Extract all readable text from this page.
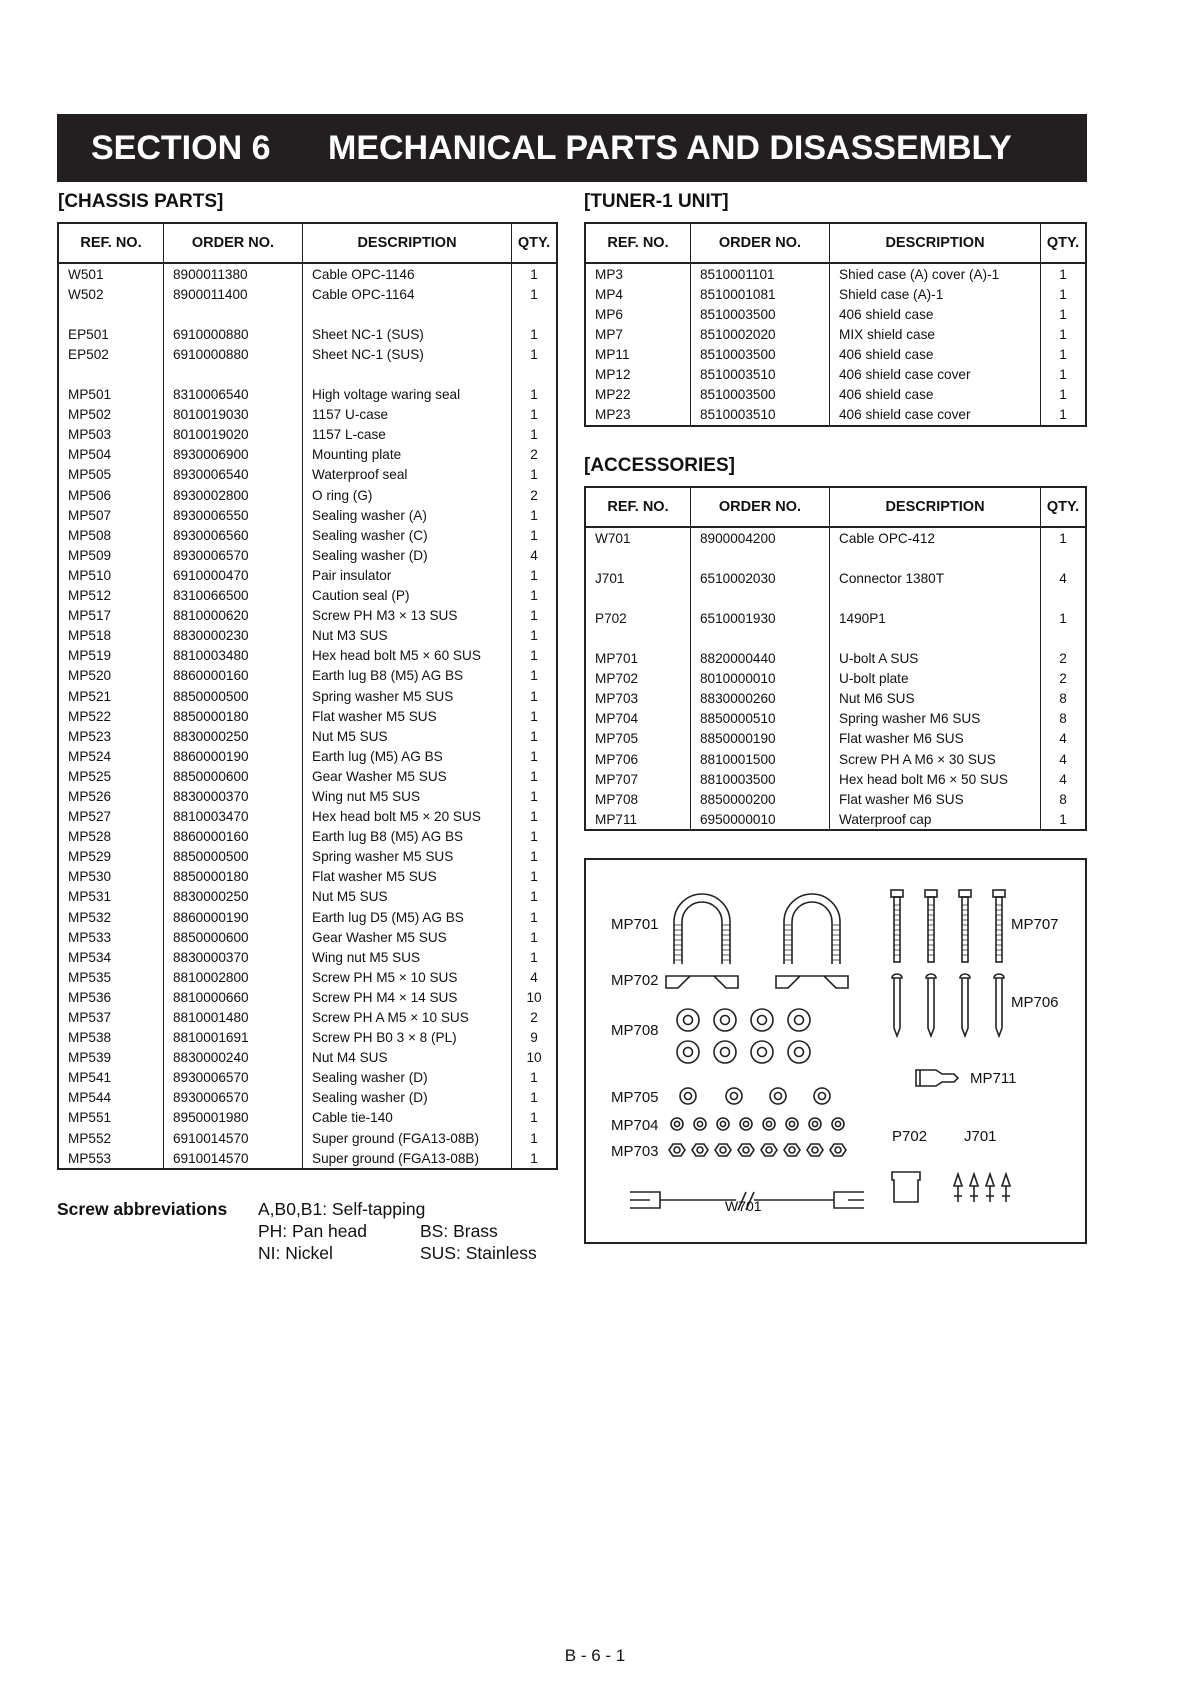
SECTION 6	MECHANICAL PARTS AND DISASSEMBLY
[CHASSIS PARTS]	[TUNER-1 UNIT]
[ACCESSORIES]
REF. NO.	ORDER NO.	DESCRIPTION	QTY.
W501	8900011380	Cable OPC-1146	1
W502	8900011400	Cable OPC-1164	1

EP501	6910000880	Sheet NC-1 (SUS)	1
EP502	6910000880	Sheet NC-1 (SUS)	1

MP501	8310006540	High voltage waring seal	1
MP502	8010019030	1157 U-case	1
MP503	8010019020	1157 L-case	1
MP504	8930006900	Mounting plate	2
MP505	8930006540	Waterproof seal	1
MP506	8930002800	O ring (G)	2
MP507	8930006550	Sealing washer (A)	1
MP508	8930006560	Sealing washer (C)	1
MP509	8930006570	Sealing washer (D)	4
MP510	6910000470	Pair insulator	1
MP512	8310066500	Caution seal (P)	1
MP517	8810000620	Screw PH M3 × 13 SUS	1
MP518	8830000230	Nut M3 SUS	1
MP519	8810003480	Hex head bolt M5 × 60 SUS	1
MP520	8860000160	Earth lug B8 (M5) AG BS	1
MP521	8850000500	Spring washer M5 SUS	1
MP522	8850000180	Flat washer M5 SUS	1
MP523	8830000250	Nut M5 SUS	1
MP524	8860000190	Earth lug (M5) AG BS	1
MP525	8850000600	Gear Washer M5 SUS	1
MP526	8830000370	Wing nut M5 SUS	1
MP527	8810003470	Hex head bolt M5 × 20 SUS	1
MP528	8860000160	Earth lug B8 (M5) AG BS	1
MP529	8850000500	Spring washer M5 SUS	1
MP530	8850000180	Flat washer M5 SUS	1
MP531	8830000250	Nut M5 SUS	1
MP532	8860000190	Earth lug D5 (M5) AG BS	1
MP533	8850000600	Gear Washer M5 SUS	1
MP534	8830000370	Wing nut M5 SUS	1
MP535	8810002800	Screw PH M5 × 10 SUS	4
MP536	8810000660	Screw PH M4 × 14 SUS	10
MP537	8810001480	Screw PH A M5 × 10 SUS	2
MP538	8810001691	Screw PH B0 3 × 8 (PL)	9
MP539	8830000240	Nut M4 SUS	10
MP541	8930006570	Sealing washer (D)	1
MP544	8930006570	Sealing washer (D)	1
MP551	8950001980	Cable tie-140	1
MP552	6910014570	Super ground (FGA13-08B)	1
MP553	6910014570	Super ground (FGA13-08B)	1
REF. NO.	ORDER NO.	DESCRIPTION	QTY.
MP3	8510001101	Shied case (A) cover (A)-1	1
MP4	8510001081	Shield case (A)-1	1
MP6	8510003500	406 shield case	1
MP7	8510002020	MIX shield case	1
MP11	8510003500	406 shield case	1
MP12	8510003510	406 shield case cover	1
MP22	8510003500	406 shield case	1
MP23	8510003510	406 shield case cover	1
REF. NO.	ORDER NO.	DESCRIPTION	QTY.
W701	8900004200	Cable OPC-412	1

J701	6510002030	Connector 1380T	4

P702	6510001930	1490P1	1

MP701	8820000440	U-bolt A SUS	2
MP702	8010000010	U-bolt plate	2
MP703	8830000260	Nut M6 SUS	8
MP704	8850000510	Spring washer M6 SUS	8
MP705	8850000190	Flat washer M6 SUS	4
MP706	8810001500	Screw PH A M6 × 30 SUS	4
MP707	8810003500	Hex head bolt M6 × 50 SUS	4
MP708	8850000200	Flat washer M6 SUS	8
MP711	6950000010	Waterproof cap	1
Screw abbreviations A,B0,B1: Self-tapping
PH: Pan head	BS: Brass
NI: Nickel	SUS: Stainless
MP701
MP702
MP708
MP705
MP704
MP703
W701
MP707
MP706
MP711
P702 J701
B - 6 - 1
